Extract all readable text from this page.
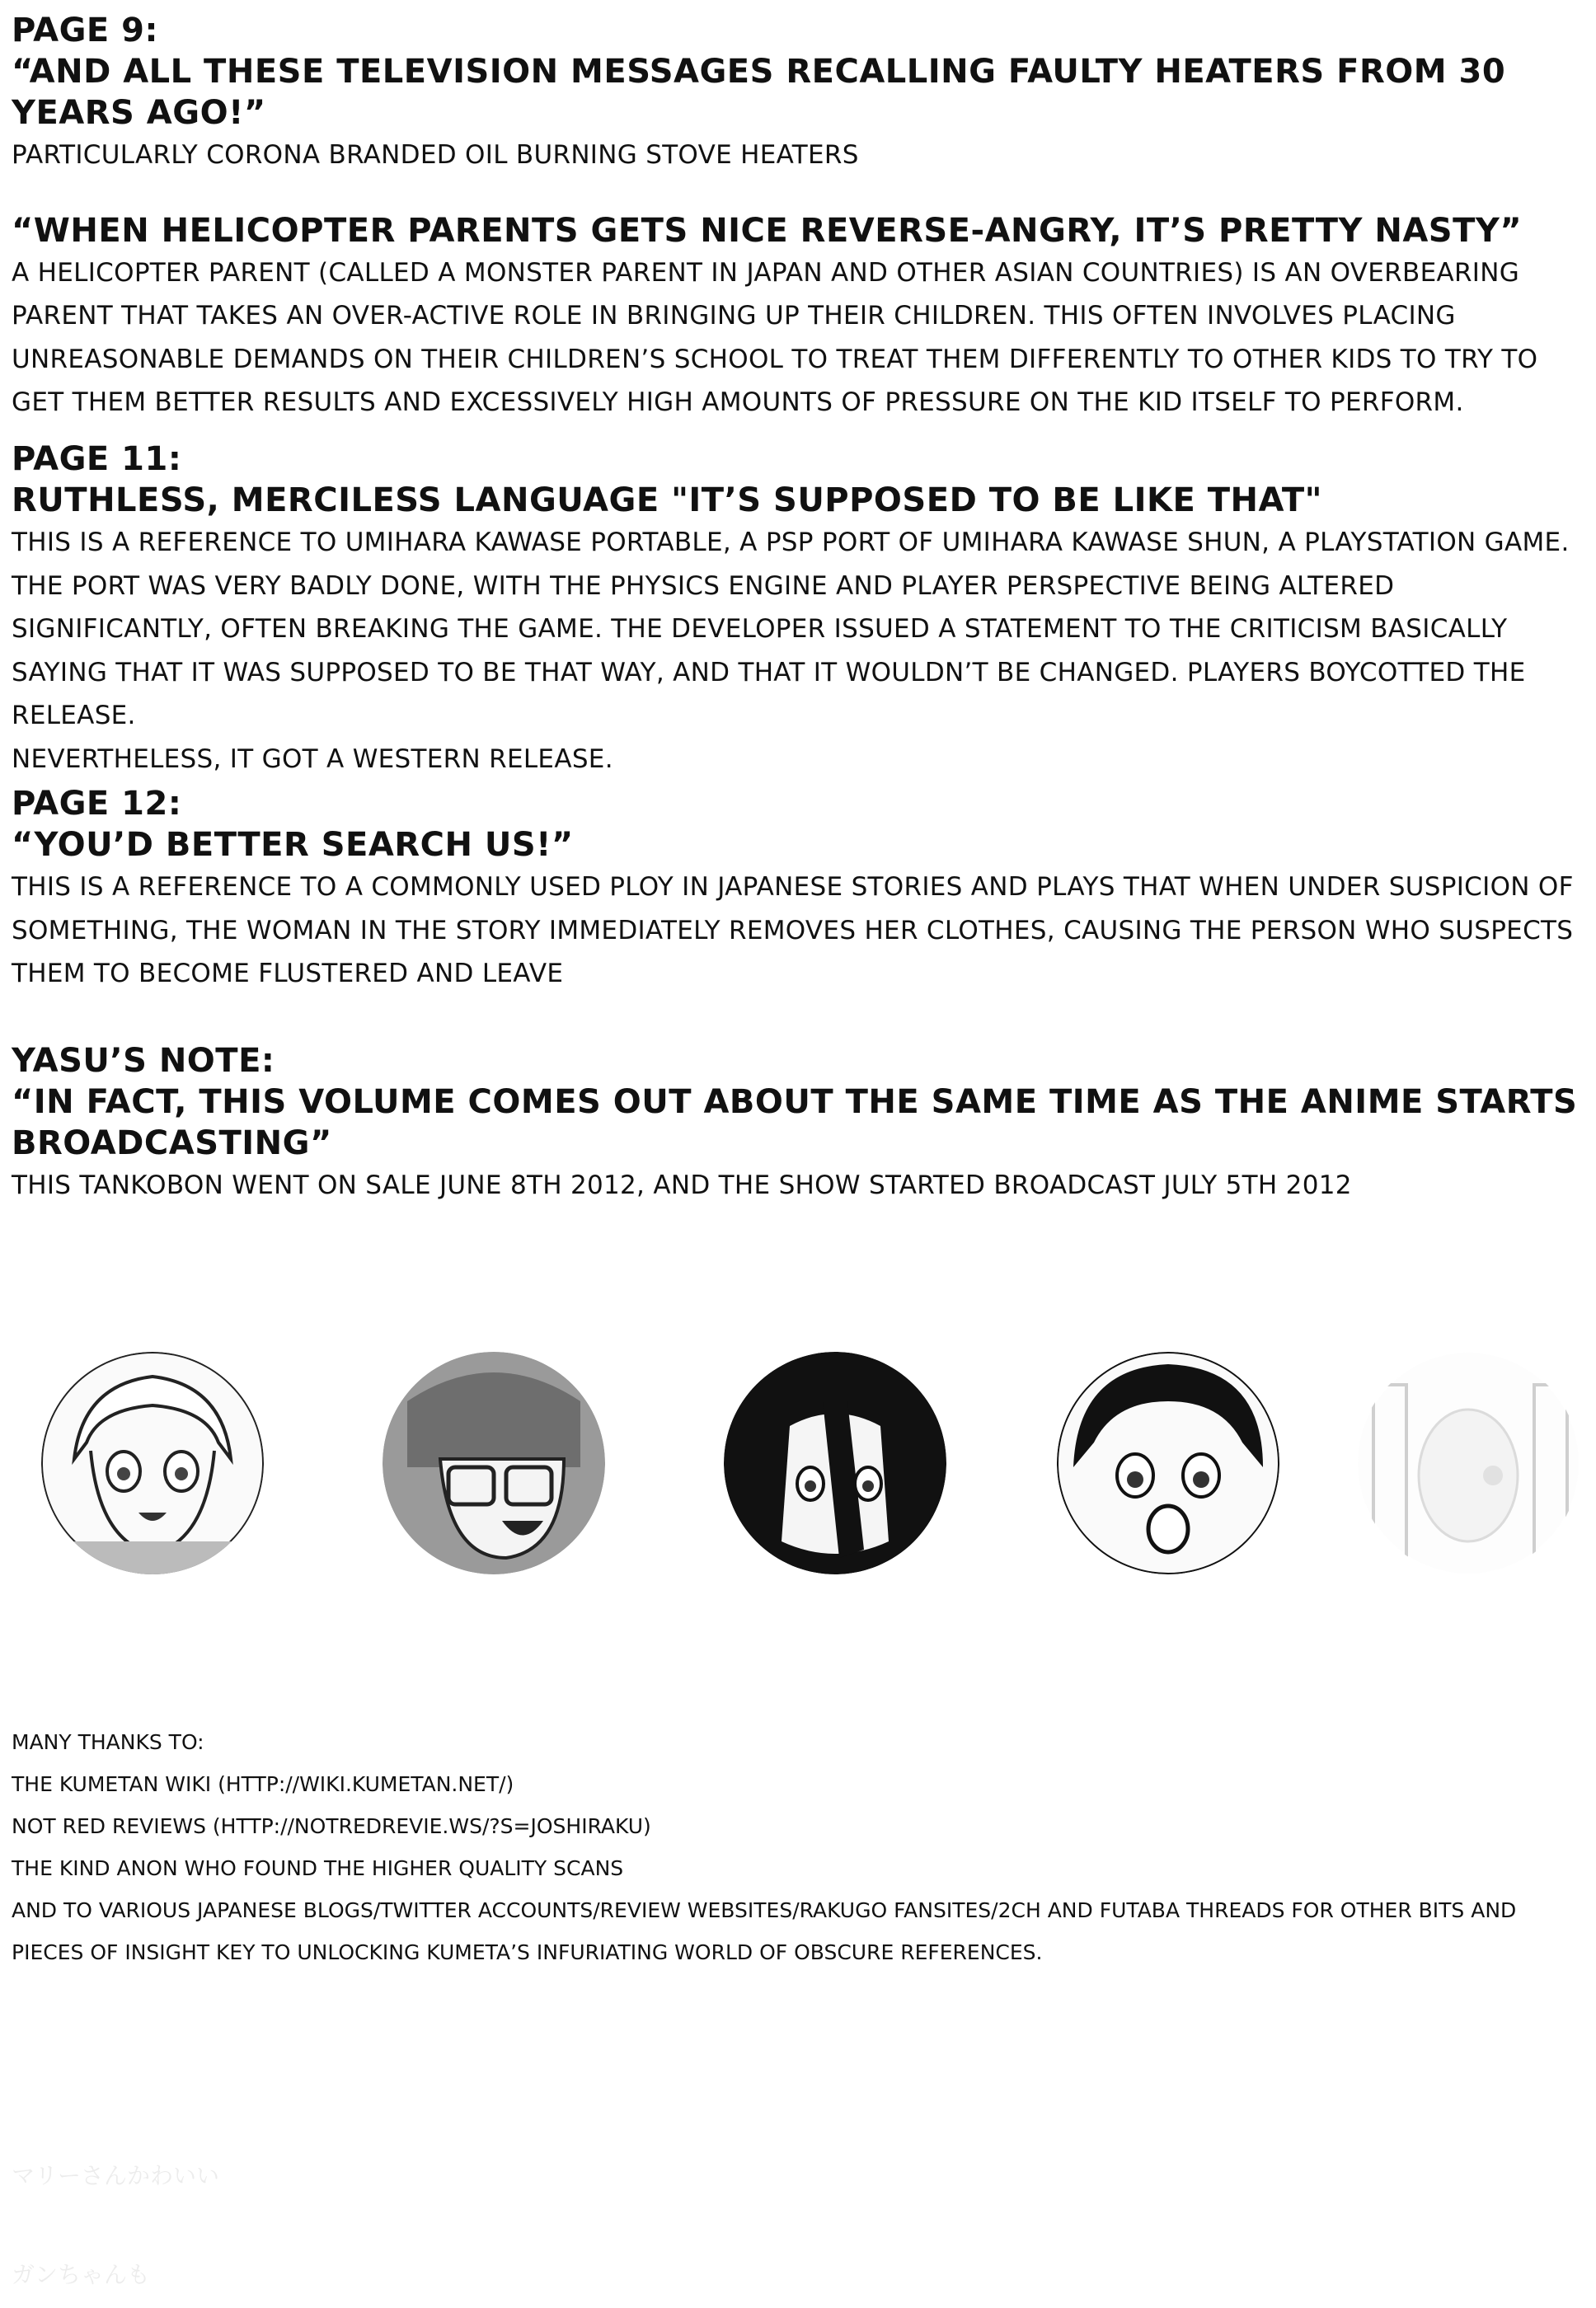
PAGE 9:
“AND ALL THESE TELEVISION MESSAGES RECALLING FAULTY HEATERS FROM 30 YEARS AGO!”
PARTICULARLY CORONA BRANDED OIL BURNING STOVE HEATERS
“WHEN HELICOPTER PARENTS GETS NICE REVERSE-ANGRY, IT’S PRETTY NASTY”
A HELICOPTER PARENT (CALLED A MONSTER PARENT IN JAPAN AND OTHER ASIAN COUNTRIES) IS AN OVERBEARING PARENT THAT TAKES AN OVER-ACTIVE ROLE IN BRINGING UP THEIR CHILDREN. THIS OFTEN INVOLVES PLACING UNREASONABLE DEMANDS ON THEIR CHILDREN’S SCHOOL TO TREAT THEM DIFFERENTLY TO OTHER KIDS TO TRY TO GET THEM BETTER RESULTS AND EXCESSIVELY HIGH AMOUNTS OF PRESSURE ON THE KID ITSELF TO PERFORM.
PAGE 11:
RUTHLESS, MERCILESS LANGUAGE "IT’S SUPPOSED TO BE LIKE THAT"
THIS IS A REFERENCE TO UMIHARA KAWASE PORTABLE, A PSP PORT OF UMIHARA KAWASE SHUN, A PLAYSTATION GAME. THE PORT WAS VERY BADLY DONE, WITH THE PHYSICS ENGINE AND PLAYER PERSPECTIVE BEING ALTERED SIGNIFICANTLY, OFTEN BREAKING THE GAME. THE DEVELOPER ISSUED A STATEMENT TO THE CRITICISM BASICALLY SAYING THAT IT WAS SUPPOSED TO BE THAT WAY, AND THAT IT WOULDN’T BE CHANGED. PLAYERS BOYCOTTED THE RELEASE.
NEVERTHELESS, IT GOT A WESTERN RELEASE.
PAGE 12:
“YOU’D BETTER SEARCH US!”
THIS IS A REFERENCE TO A COMMONLY USED PLOY IN JAPANESE STORIES AND PLAYS THAT WHEN UNDER SUSPICION OF SOMETHING, THE WOMAN IN THE STORY IMMEDIATELY REMOVES HER CLOTHES, CAUSING THE PERSON WHO SUSPECTS THEM TO BECOME FLUSTERED AND LEAVE
YASU’S NOTE:
“IN FACT, THIS VOLUME COMES OUT ABOUT THE SAME TIME AS THE ANIME STARTS BROADCASTING”
THIS TANKOBON WENT ON SALE JUNE 8TH 2012, AND THE SHOW STARTED BROADCAST JULY 5TH 2012
MANY THANKS TO:
THE KUMETAN WIKI (HTTP://WIKI.KUMETAN.NET/)
NOT RED REVIEWS (HTTP://NOTREDREVIE.WS/?S=JOSHIRAKU)
THE KIND ANON WHO FOUND THE HIGHER QUALITY SCANS
AND TO VARIOUS JAPANESE BLOGS/TWITTER ACCOUNTS/REVIEW WEBSITES/RAKUGO FANSITES/2CH AND FUTABA THREADS FOR OTHER BITS AND PIECES OF INSIGHT KEY TO UNLOCKING KUMETA’S INFURIATING WORLD OF OBSCURE REFERENCES.
マリーさんかわいい
ガンちゃんも
